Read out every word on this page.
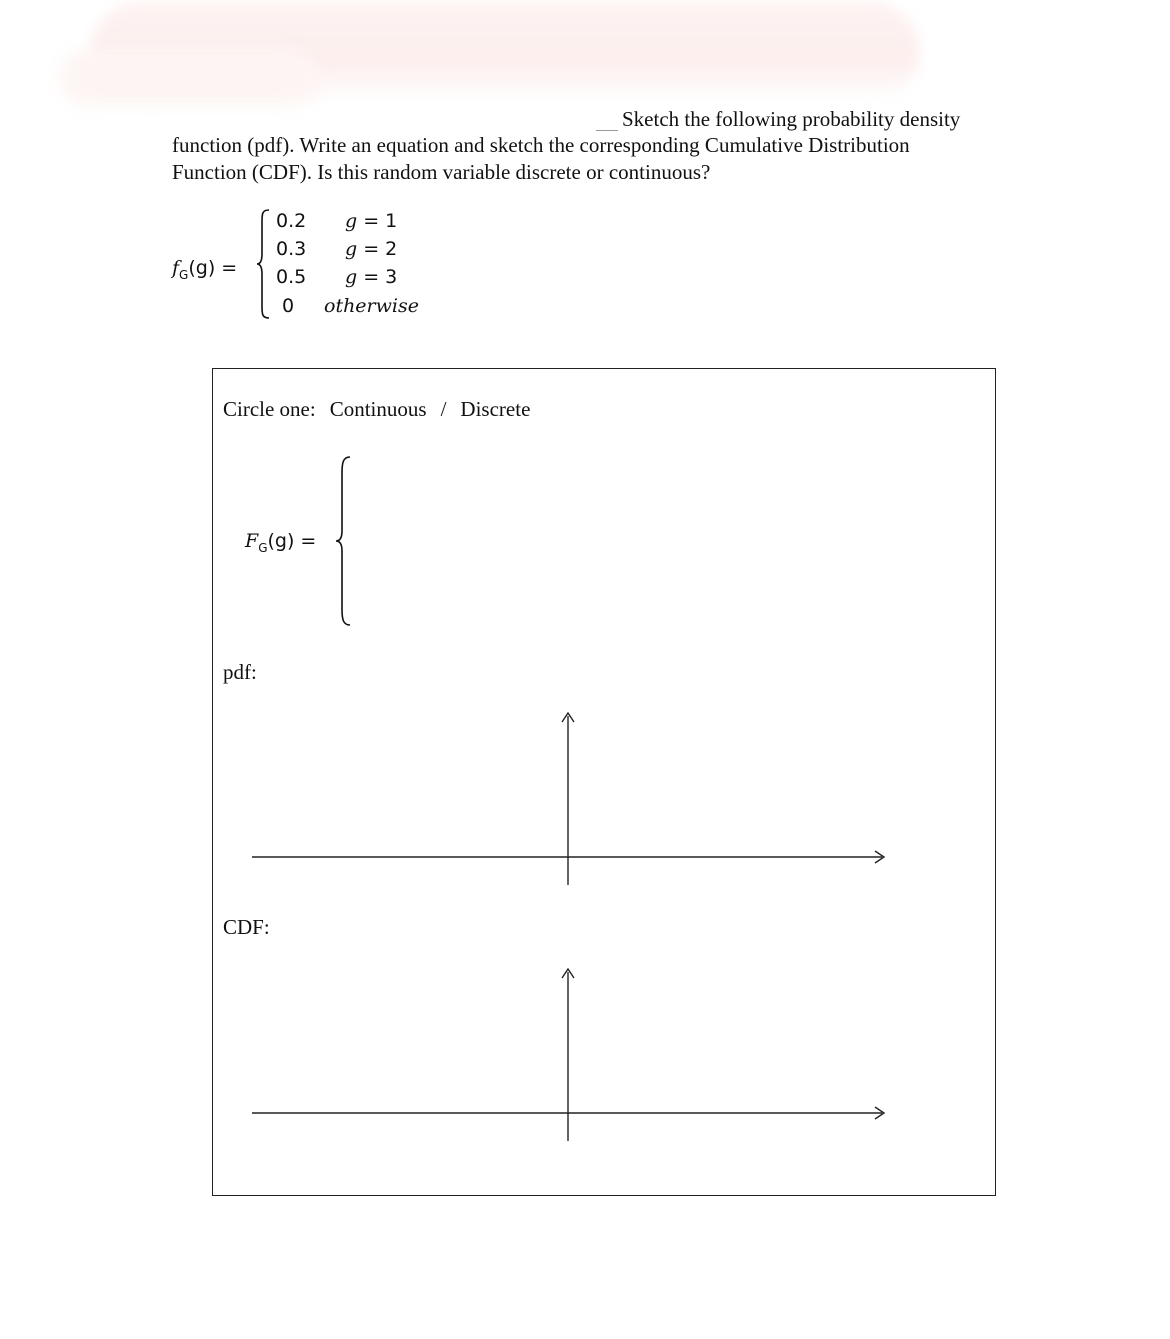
Sketch the following probability density
function (pdf). Write an equation and sketch the corresponding Cumulative Distribution
Function (CDF). Is this random variable discrete or continuous?
$f_G(g)$ =
0.2
0.3
0.5
0
g = 1
g = 2
g = 3
otherwise
Circle one: Continuous / Discrete
$F_G(g)$ =
pdf:
CDF:
